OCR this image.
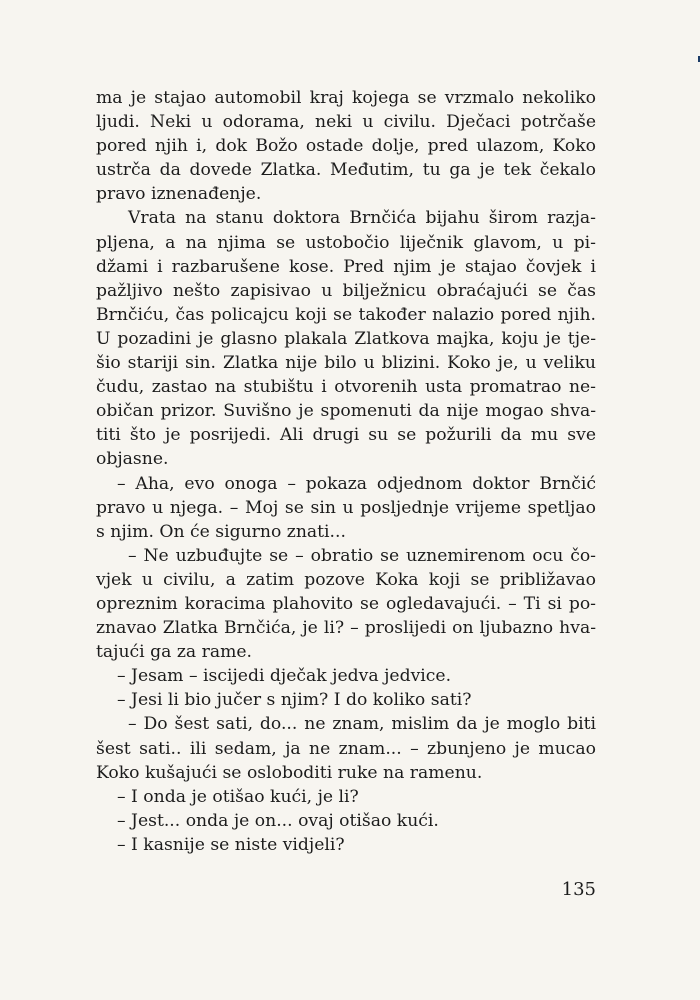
ma je stajao automobil kraj kojega se vrzmalo nekoliko
ljudi. Neki u odorama, neki u civilu. Dječaci potrčaše
pored njih i, dok Božo ostade dolje, pred ulazom, Koko
ustrča da dovede Zlatka. Međutim, tu ga je tek čekalo
pravo iznenađenje.
Vrata na stanu doktora Brnčića bijahu širom razja-
pljena, a na njima se ustobočio liječnik glavom, u pi-
džami i razbarušene kose. Pred njim je stajao čovjek i
pažljivo nešto zapisivao u bilježnicu obraćajući se čas
Brnčiću, čas policajcu koji se također nalazio pored njih.
U pozadini je glasno plakala Zlatkova majka, koju je tje-
šio stariji sin. Zlatka nije bilo u blizini. Koko je, u veliku
čudu, zastao na stubištu i otvorenih usta promatrao ne-
običan prizor. Suvišno je spomenuti da nije mogao shva-
titi što je posrijedi. Ali drugi su se požurili da mu sve
objasne.
– Aha, evo onoga – pokaza odjednom doktor Brnčić
pravo u njega. – Moj se sin u posljednje vrijeme spetljao
s njim. On će sigurno znati...
– Ne uzbuđujte se – obratio se uznemirenom ocu čo-
vjek u civilu, a zatim pozove Koka koji se približavao
opreznim koracima plahovito se ogledavajući. – Ti si po-
znavao Zlatka Brnčića, je li? – proslijedi on ljubazno hva-
tajući ga za rame.
– Jesam – iscijedi dječak jedva jedvice.
– Jesi li bio jučer s njim? I do koliko sati?
– Do šest sati, do... ne znam, mislim da je moglo biti
šest sati.. ili sedam, ja ne znam... – zbunjeno je mucao
Koko kušajući se osloboditi ruke na ramenu.
– I onda je otišao kući, je li?
– Jest... onda je on... ovaj otišao kući.
– I kasnije se niste vidjeli?
135
